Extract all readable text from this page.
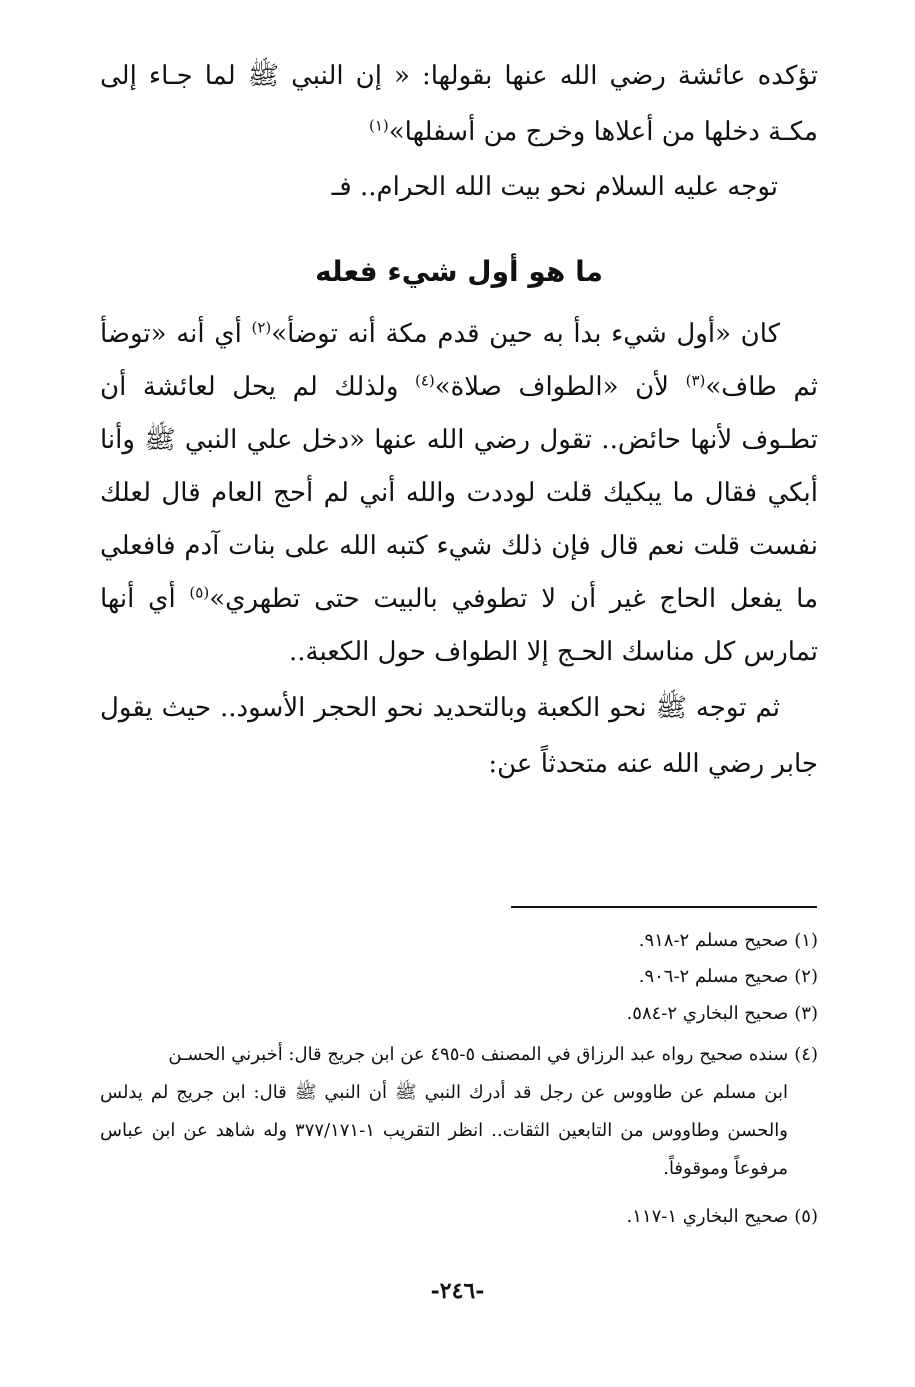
تؤكده عائشة رضي الله عنها بقولها: « إن النبي ﷺ لما جـاء إلى مكـة دخلها من أعلاها وخرج من أسفلها»$^{(١)}$

توجه عليه السلام نحو بيت الله الحرام.. فـ

ما هو أول شيء فعله

كان «أول شيء بدأ به حين قدم مكة أنه توضأ»$^{(٢)}$ أي أنه «توضأ ثم طاف»$^{(٣)}$ لأن «الطواف صلاة»$^{(٤)}$ ولذلك لم يحل لعائشة أن تطـوف لأنها حائض.. تقول رضي الله عنها «دخل علي النبي ﷺ وأنا أبكي فقال ما يبكيك قلت لوددت والله أني لم أحج العام قال لعلك نفست قلت نعم قال فإن ذلك شيء كتبه الله على بنات آدم فافعلي ما يفعل الحاج غير أن لا تطوفي بالبيت حتى تطهري»$^{(٥)}$ أي أنها تمارس كل مناسك الحـج إلا الطواف حول الكعبة..

ثم توجه ﷺ نحو الكعبة وبالتحديد نحو الحجر الأسود.. حيث يقول جابر رضي الله عنه متحدثاً عن:

(١)صحيح مسلم ٢-٩١٨.

(٢)صحيح مسلم ٢-٩٠٦.

(٣)صحيح البخاري ٢-٥٨٤.

(٤)سنده صحيح رواه عبد الرزاق في المصنف ٥-٤٩٥ عن ابن جريج قال: أخبرني الحسـن
ابن مسلم عن طاووس عن رجل قد أدرك النبي ﷺ أن النبي ﷺ قال: ابن جريج لم يدلس والحسن وطاووس من التابعين الثقات.. انظر التقريب ١-٣٧٧/١٧١ وله شاهد عن ابن عباس مرفوعاً وموقوفاً.

(٥)صحيح البخاري ١-١١٧.

-٢٤٦-
